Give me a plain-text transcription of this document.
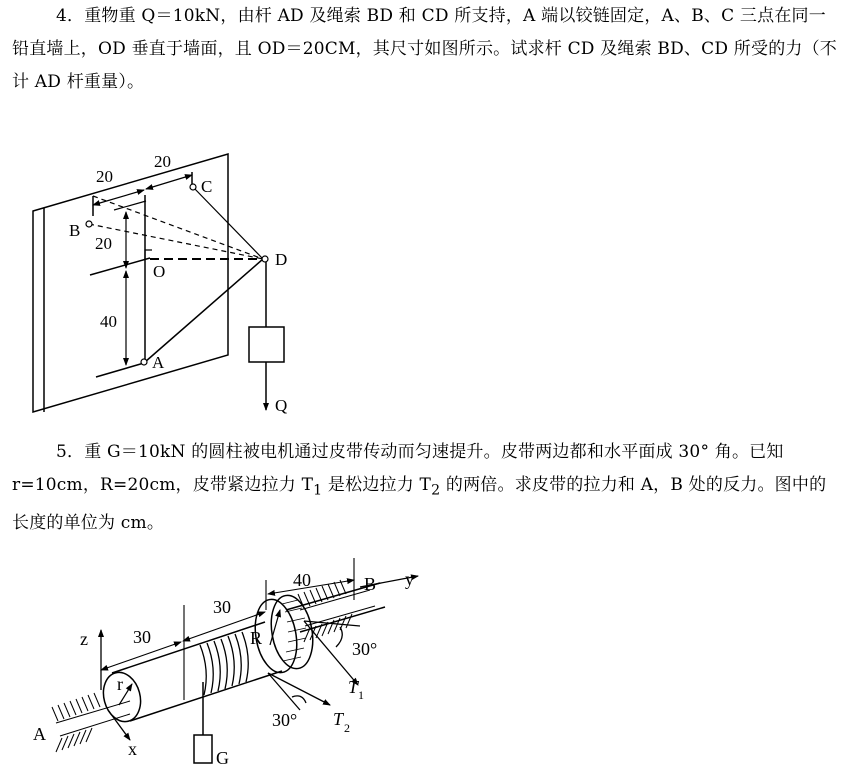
4．重物重 Q＝10kN，由杆 AD 及绳索 BD 和 CD 所支持，A 端以铰链固定，A、B、C 三点在同一铅直墙上，OD 垂直于墙面，且 OD＝20CM，其尺寸如图所示。试求杆 CD 及绳索 BD、CD 所受的力（不计 AD 杆重量）。
5．重 G＝10kN 的圆柱被电机通过皮带传动而匀速提升。皮带两边都和水平面成 30° 角。已知 r=10cm，R=20cm，皮带紧边拉力 $T_1$ 是松边拉力 $T_2$ 的两倍。求皮带的拉力和 A，B 处的反力。图中的长度的单位为 cm。
20
20
20
40
B
C
O
D
A
Q
z
y
x
A
B
r
R
G
30
30
40
30°
30°
T 1
T 2
